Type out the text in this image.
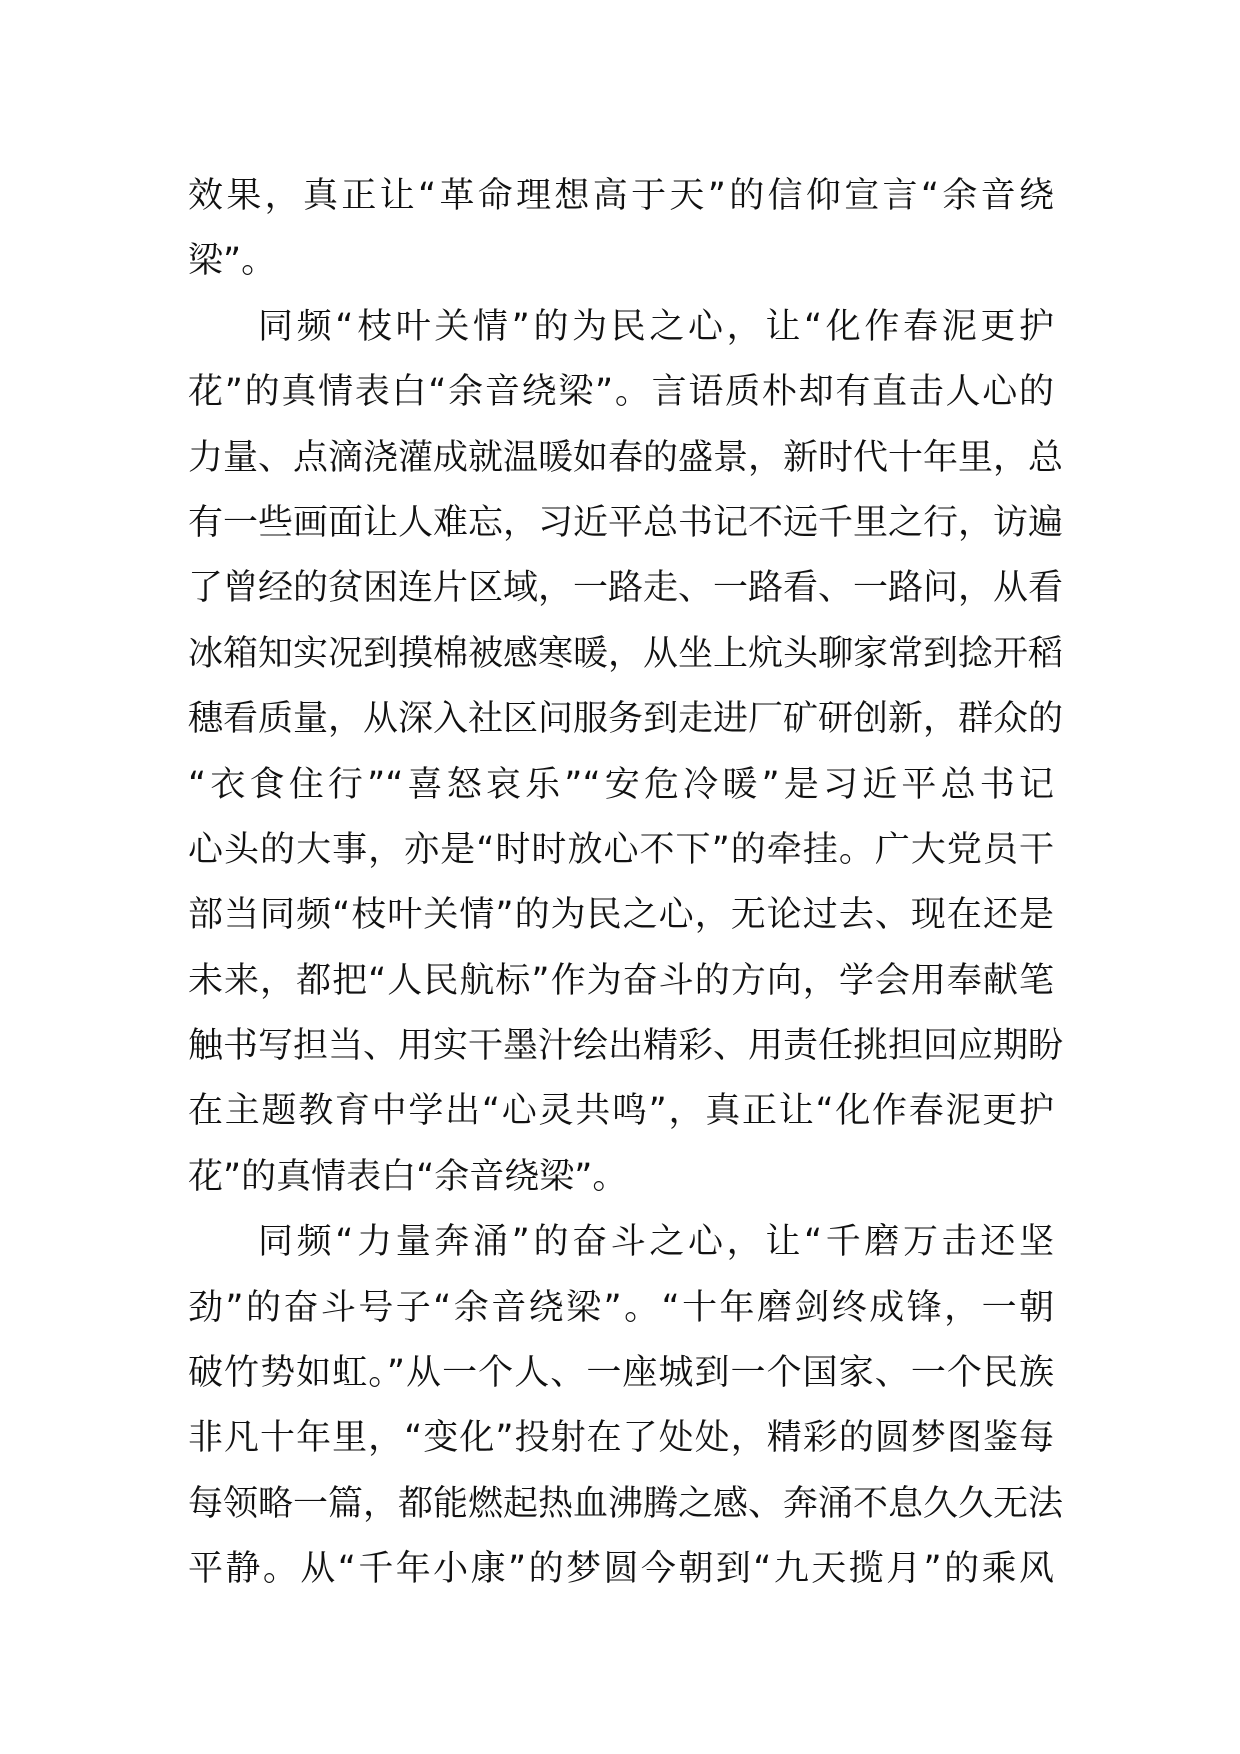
效果，真正让“革命理想高于天”的信仰宣言“余音绕
梁”。
同频“枝叶关情”的为民之心，让“化作春泥更护
花”的真情表白“余音绕梁”。言语质朴却有直击人心的
力量、点滴浇灌成就温暖如春的盛景，新时代十年里，总
有一些画面让人难忘，习近平总书记不远千里之行，访遍
了曾经的贫困连片区域，一路走、一路看、一路问，从看
冰箱知实况到摸棉被感寒暖，从坐上炕头聊家常到捻开稻
穗看质量，从深入社区问服务到走进厂矿研创新，群众的
“衣食住行”“喜怒哀乐”“安危冷暖”是习近平总书记
心头的大事，亦是“时时放心不下”的牵挂。广大党员干
部当同频“枝叶关情”的为民之心，无论过去、现在还是
未来，都把“人民航标”作为奋斗的方向，学会用奉献笔
触书写担当、用实干墨汁绘出精彩、用责任挑担回应期盼
在主题教育中学出“心灵共鸣”，真正让“化作春泥更护
花”的真情表白“余音绕梁”。
同频“力量奔涌”的奋斗之心，让“千磨万击还坚
劲”的奋斗号子“余音绕梁”。“十年磨剑终成锋，一朝
破竹势如虹。”从一个人、一座城到一个国家、一个民族
非凡十年里，“变化”投射在了处处，精彩的圆梦图鉴每
每领略一篇，都能燃起热血沸腾之感、奔涌不息久久无法
平静。从“千年小康”的梦圆今朝到“九天揽月”的乘风
